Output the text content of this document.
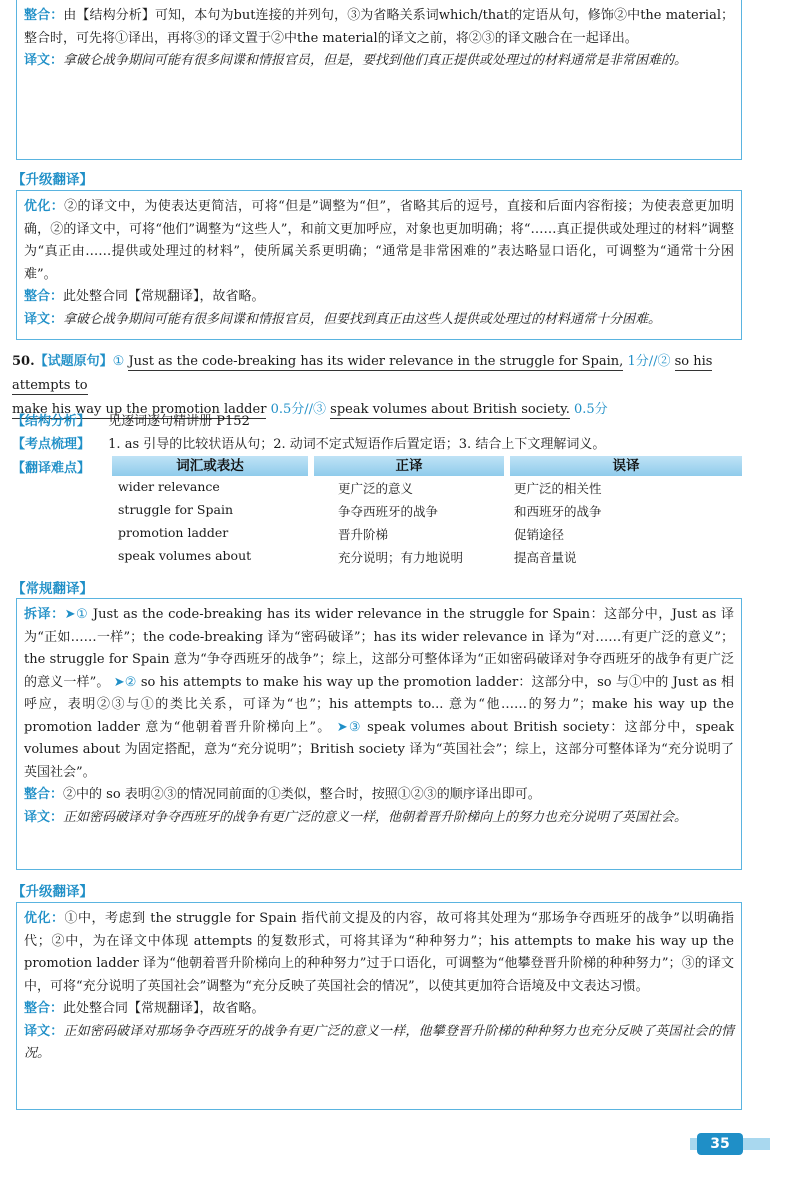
整合：由【结构分析】可知，本句为but连接的并列句，③为省略关系词which/that的定语从句，修饰②中the material；整合时，可先将①译出，再将③的译文置于②中the material的译文之前，将②③的译文融合在一起译出。

译文：拿破仑战争期间可能有很多间谍和情报官员，但是，要找到他们真正提供或处理过的材料通常是非常困难的。

【升级翻译】

优化：②的译文中，为使表达更简洁，可将“但是”调整为“但”，省略其后的逗号，直接和后面内容衔接；为使表意更加明确，②的译文中，可将“他们”调整为“这些人”，和前文更加呼应，对象也更加明确；将“……真正提供或处理过的材料”调整为“真正由……提供或处理过的材料”，使所属关系更明确；“通常是非常困难的”表达略显口语化，可调整为“通常十分困难”。

整合：此处整合同【常规翻译】，故省略。

译文：拿破仑战争期间可能有很多间谍和情报官员，但要找到真正由这些人提供或处理过的材料通常十分困难。

50.【试题原句】① Just as the code-breaking has its wider relevance in the struggle for Spain, 1分//② so his attempts to
make his way up the promotion ladder 0.5分//③ speak volumes about British society. 0.5分
【结构分析】 见逐词逐句精讲册 P152
【考点梳理】 1. as 引导的比较状语从句；2. 动词不定式短语作后置定语；3. 结合上下文理解词义。
【翻译难点】	词汇或表达	正译	误译
wider relevance	更广泛的意义	更广泛的相关性
struggle for Spain	争夺西班牙的战争	和西班牙的战争
promotion ladder	晋升阶梯	促销途径
speak volumes about	充分说明；有力地说明	提高音量说
【常规翻译】

拆译：➤① Just as the code-breaking has its wider relevance in the struggle for Spain：这部分中，Just as 译为“正如……一样”；the code-breaking 译为“密码破译”；has its wider relevance in 译为“对……有更广泛的意义”；the struggle for Spain 意为“争夺西班牙的战争”；综上，这部分可整体译为“正如密码破译对争夺西班牙的战争有更广泛的意义一样”。 ➤② so his attempts to make his way up the promotion ladder：这部分中，so 与①中的 Just as 相呼应，表明②③与①的类比关系，可译为“也”；his attempts to... 意为“他……的努力”；make his way up the promotion ladder 意为“他朝着晋升阶梯向上”。 ➤③ speak volumes about British society：这部分中，speak volumes about 为固定搭配，意为“充分说明”；British society 译为“英国社会”；综上，这部分可整体译为“充分说明了英国社会”。

整合：②中的 so 表明②③的情况同前面的①类似，整合时，按照①②③的顺序译出即可。

译文：正如密码破译对争夺西班牙的战争有更广泛的意义一样，他朝着晋升阶梯向上的努力也充分说明了英国社会。

【升级翻译】

优化：①中，考虑到 the struggle for Spain 指代前文提及的内容，故可将其处理为“那场争夺西班牙的战争”以明确指代；②中，为在译文中体现 attempts 的复数形式，可将其译为“种种努力”；his attempts to make his way up the promotion ladder 译为“他朝着晋升阶梯向上的种种努力”过于口语化，可调整为“他攀登晋升阶梯的种种努力”；③的译文中，可将“充分说明了英国社会”调整为“充分反映了英国社会的情况”，以使其更加符合语境及中文表达习惯。

整合：此处整合同【常规翻译】，故省略。

译文：正如密码破译对那场争夺西班牙的战争有更广泛的意义一样，他攀登晋升阶梯的种种努力也充分反映了英国社会的情况。

35
